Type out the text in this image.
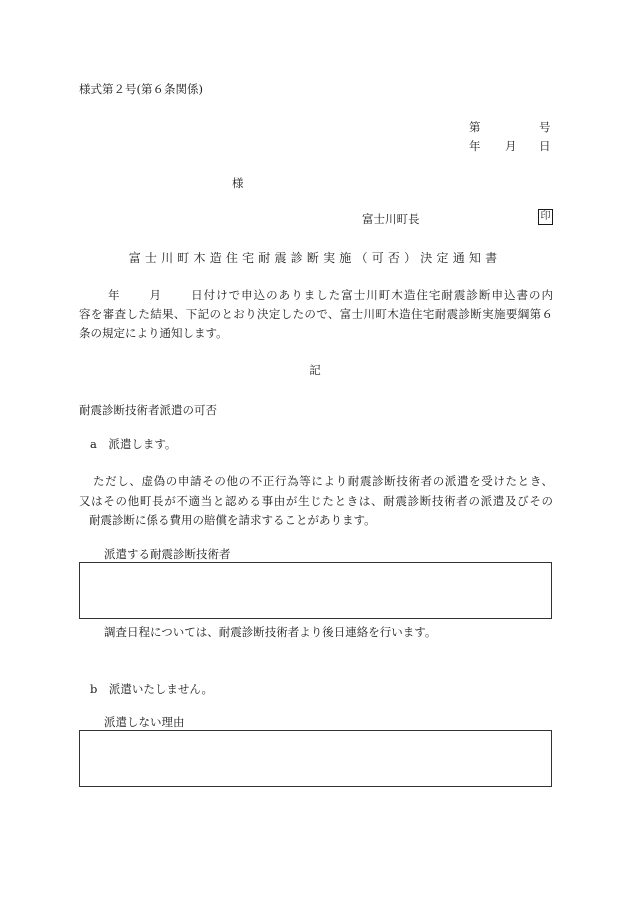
様式第２号(第６条関係)
第	号
年 月 日
様
富士川町長	印
富士川町木造住宅耐震診断実施（可否）決定通知書
年 月 日付けで申込のありました富士川町木造住宅耐震診断申込書の内
容を審査した結果、下記のとおり決定したので、富士川町木造住宅耐震診断実施要綱第６
条の規定により通知します。
記
耐震診断技術者派遣の可否
a　派遣します。
ただし、虚偽の申請その他の不正行為等により耐震診断技術者の派遣を受けたとき、
又はその他町長が不適当と認める事由が生じたときは、耐震診断技術者の派遣及びその
耐震診断に係る費用の賠償を請求することがあります。
派遣する耐震診断技術者
調査日程については、耐震診断技術者より後日連絡を行います。
b　派遣いたしません。
派遣しない理由
